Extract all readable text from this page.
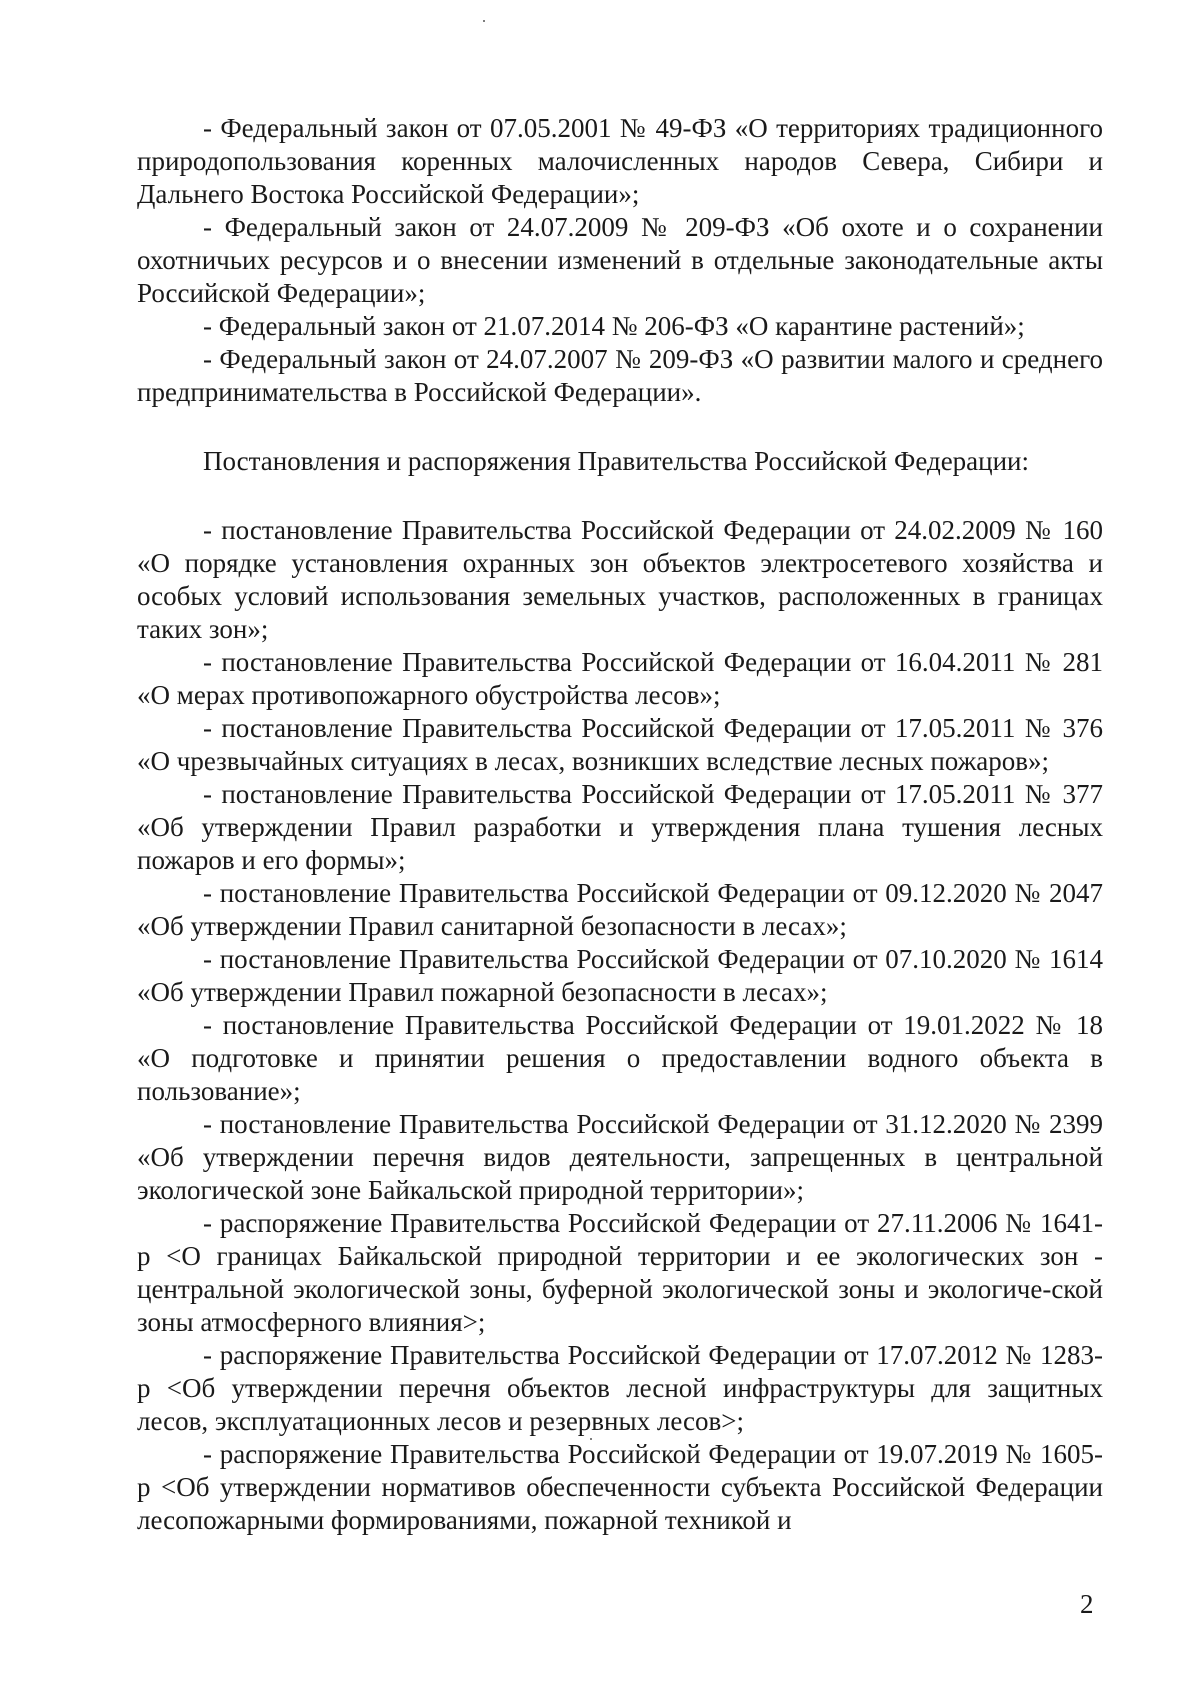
- Федеральный закон от 07.05.2001 № 49-ФЗ «О территориях традиционного природопользования коренных малочисленных народов Севера, Сибири и Дальнего Востока Российской Федерации»;

- Федеральный закон от 24.07.2009 № 209-ФЗ «Об охоте и о сохранении охотничьих ресурсов и о внесении изменений в отдельные законодательные акты Российской Федерации»;

- Федеральный закон от 21.07.2014 № 206-ФЗ «О карантине растений»;

- Федеральный закон от 24.07.2007 № 209-ФЗ «О развитии малого и среднего предпринимательства в Российской Федерации».

Постановления и распоряжения Правительства Российской Федерации:

- постановление Правительства Российской Федерации от 24.02.2009 № 160 «О порядке установления охранных зон объектов электросетевого хозяйства и особых условий использования земельных участков, расположенных в границах таких зон»;

- постановление Правительства Российской Федерации от 16.04.2011 № 281 «О мерах противопожарного обустройства лесов»;

- постановление Правительства Российской Федерации от 17.05.2011 № 376 «О чрезвычайных ситуациях в лесах, возникших вследствие лесных пожаров»;

- постановление Правительства Российской Федерации от 17.05.2011 № 377 «Об утверждении Правил разработки и утверждения плана тушения лесных пожаров и его формы»;

- постановление Правительства Российской Федерации от 09.12.2020 № 2047 «Об утверждении Правил санитарной безопасности в лесах»;

- постановление Правительства Российской Федерации от 07.10.2020 № 1614 «Об утверждении Правил пожарной безопасности в лесах»;

- постановление Правительства Российской Федерации от 19.01.2022 № 18 «О подготовке и принятии решения о предоставлении водного объекта в пользование»;

- постановление Правительства Российской Федерации от 31.12.2020 № 2399 «Об утверждении перечня видов деятельности, запрещенных в центральной экологической зоне Байкальской природной территории»;

- распоряжение Правительства Российской Федерации от 27.11.2006 № 1641-р <О границах Байкальской природной территории и ее экологических зон - центральной экологической зоны, буферной экологической зоны и экологиче-ской зоны атмосферного влияния>;

- распоряжение Правительства Российской Федерации от 17.07.2012 № 1283-р <Об утверждении перечня объектов лесной инфраструктуры для защитных лесов, эксплуатационных лесов и резервных лесов>;

- распоряжение Правительства Российской Федерации от 19.07.2019 № 1605-р <Об утверждении нормативов обеспеченности субъекта Российской Федерации лесопожарными формированиями, пожарной техникой и

2
